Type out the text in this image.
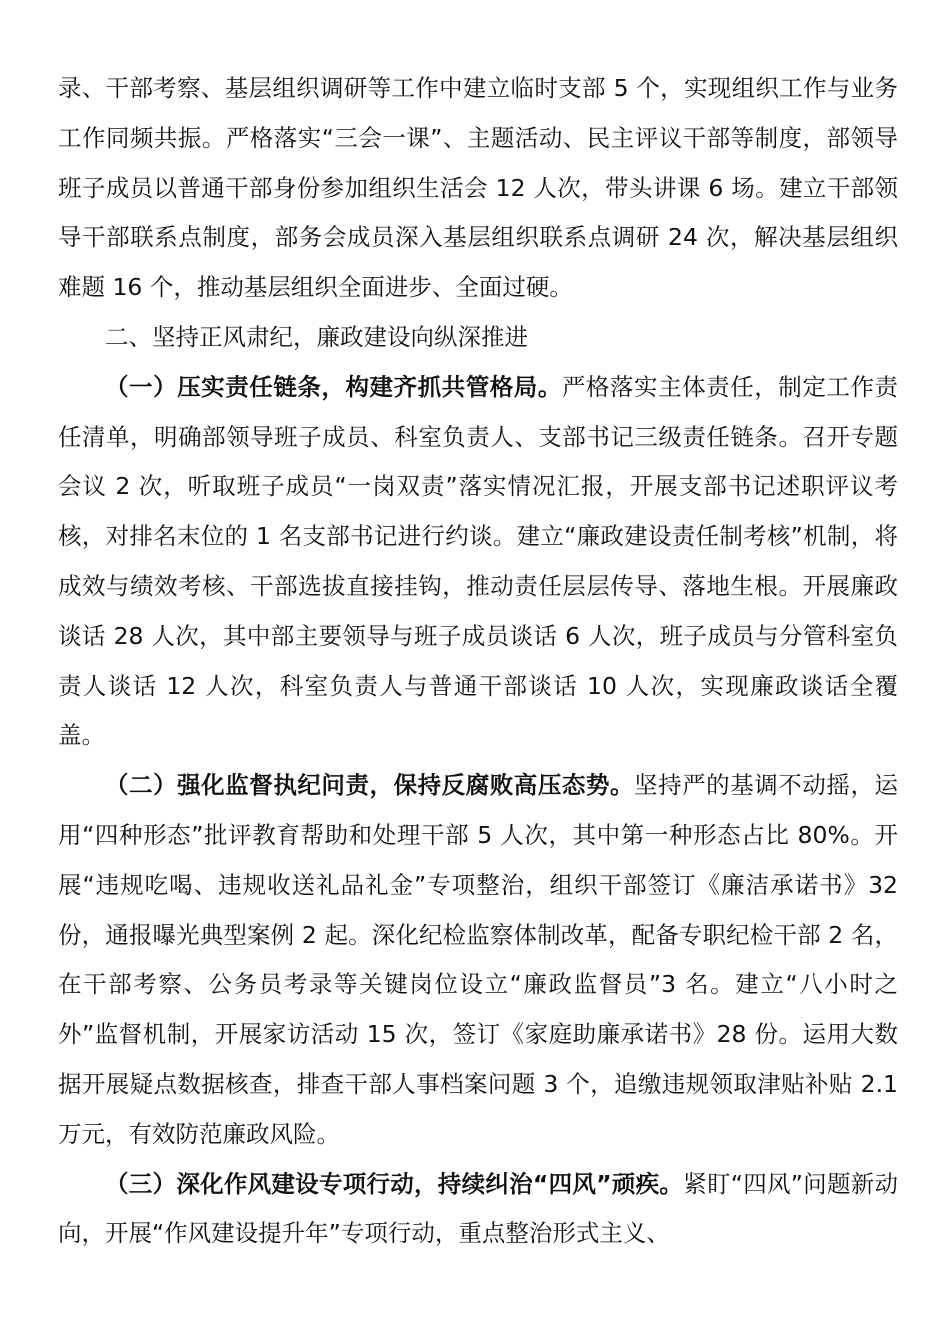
录、干部考察、基层组织调研等工作中建立临时支部 5 个，实现组织工作与业务工作同频共振。严格落实“三会一课”、主题活动、民主评议干部等制度，部领导班子成员以普通干部身份参加组织生活会 12 人次，带头讲课 6 场。建立干部领导干部联系点制度，部务会成员深入基层组织联系点调研 24 次，解决基层组织难题 16 个，推动基层组织全面进步、全面过硬。

二、坚持正风肃纪，廉政建设向纵深推进

（一）压实责任链条，构建齐抓共管格局。严格落实主体责任，制定工作责任清单，明确部领导班子成员、科室负责人、支部书记三级责任链条。召开专题会议 2 次，听取班子成员“一岗双责”落实情况汇报，开展支部书记述职评议考核，对排名末位的 1 名支部书记进行约谈。建立“廉政建设责任制考核”机制，将成效与绩效考核、干部选拔直接挂钩，推动责任层层传导、落地生根。开展廉政谈话 28 人次，其中部主要领导与班子成员谈话 6 人次，班子成员与分管科室负责人谈话 12 人次，科室负责人与普通干部谈话 10 人次，实现廉政谈话全覆盖。

（二）强化监督执纪问责，保持反腐败高压态势。坚持严的基调不动摇，运用“四种形态”批评教育帮助和处理干部 5 人次，其中第一种形态占比 80%。开展“违规吃喝、违规收送礼品礼金”专项整治，组织干部签订《廉洁承诺书》32 份，通报曝光典型案例 2 起。深化纪检监察体制改革，配备专职纪检干部 2 名，在干部考察、公务员考录等关键岗位设立“廉政监督员”3 名。建立“八小时之外”监督机制，开展家访活动 15 次，签订《家庭助廉承诺书》28 份。运用大数据开展疑点数据核查，排查干部人事档案问题 3 个，追缴违规领取津贴补贴 2.1 万元，有效防范廉政风险。

（三）深化作风建设专项行动，持续纠治“四风”顽疾。紧盯“四风”问题新动向，开展“作风建设提升年”专项行动，重点整治形式主义、
